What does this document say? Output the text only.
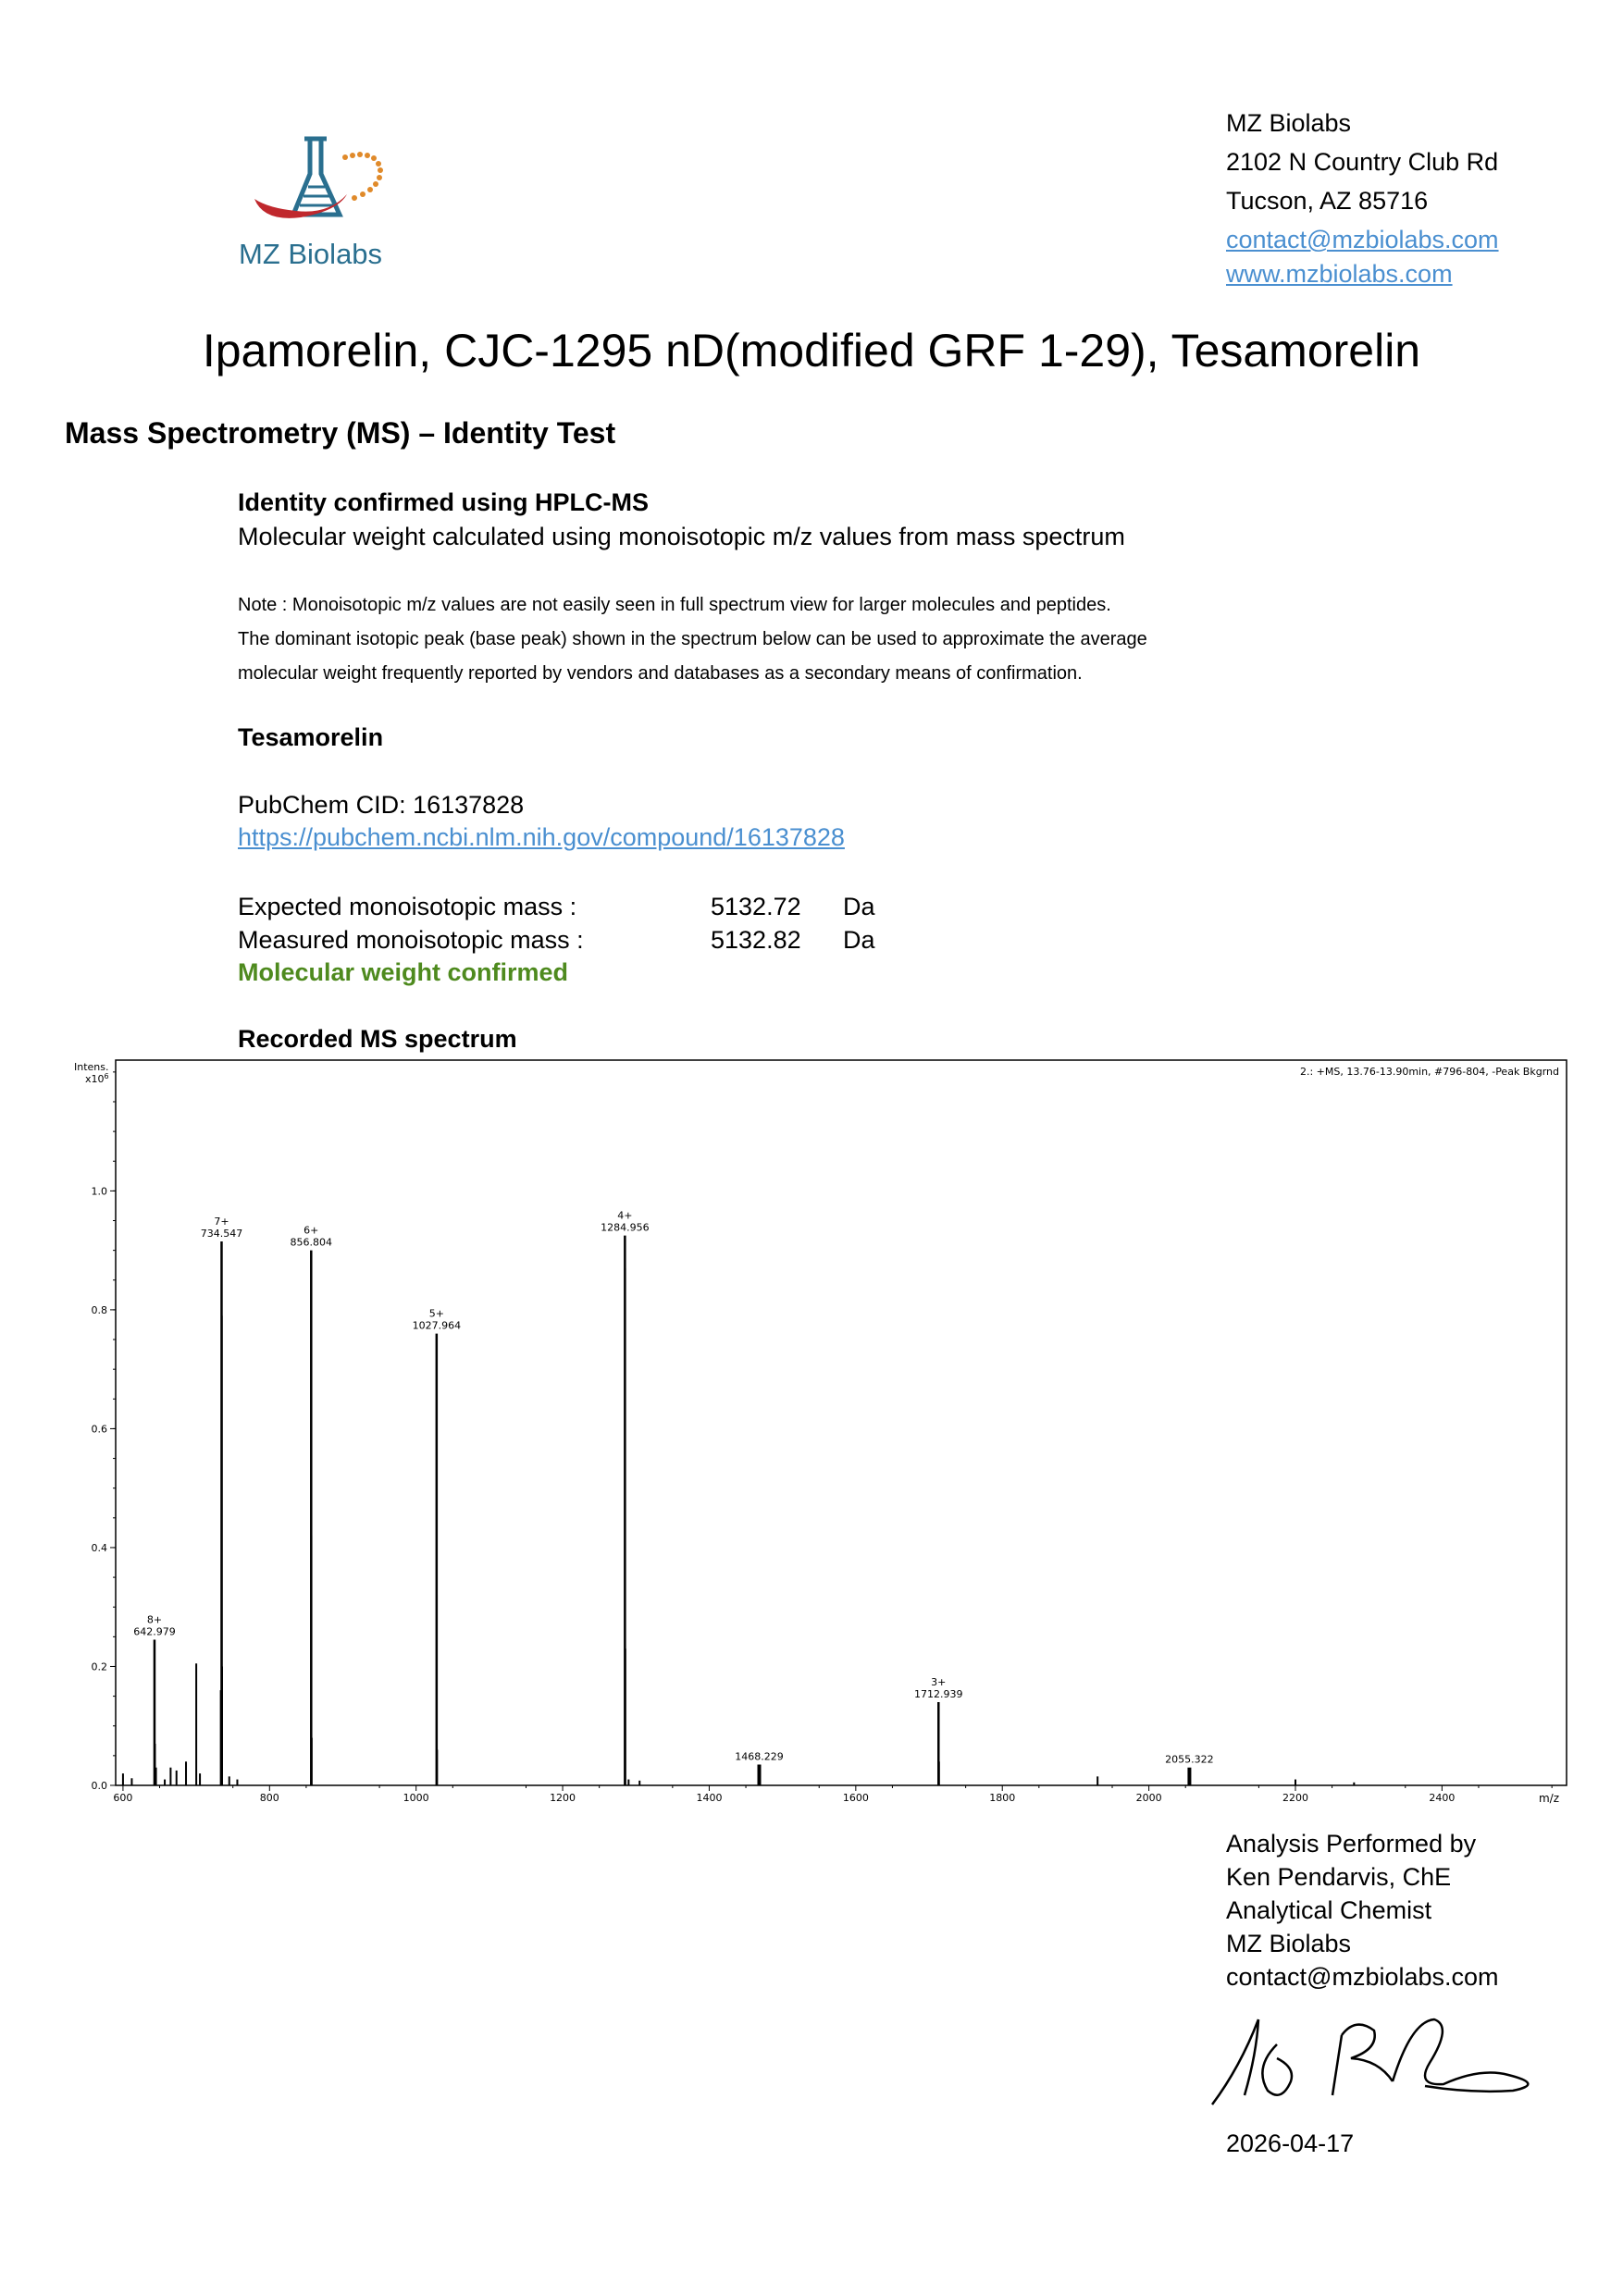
MZ Biolabs
MZ Biolabs
2102 N Country Club Rd
Tucson, AZ 85716
contact@mzbiolabs.com
www.mzbiolabs.com
Ipamorelin, CJC-1295 nD(modified GRF 1-29), Tesamorelin
Mass Spectrometry (MS) – Identity Test
Identity confirmed using HPLC-MS
Molecular weight calculated using monoisotopic m/z values from mass spectrum
Note : Monoisotopic m/z values are not easily seen in full spectrum view for larger molecules and peptides.
The dominant isotopic peak (base peak) shown in the spectrum below can be used to approximate the average
molecular weight frequently reported by vendors and databases as a secondary means of confirmation.
Tesamorelin
PubChem CID: 16137828
https://pubchem.ncbi.nlm.nih.gov/compound/16137828
Expected monoisotopic mass :	5132.72 Da
Measured monoisotopic mass :	5132.82 Da
Molecular weight confirmed
Recorded MS spectrum
Intens.
$x10^6$	2.: +MS, 13.76-13.90min, #796-804, -Peak Bkgrnd
m/z
600	800	1000	1200	1400	1600	1800	2000	2200	2400
0.0
0.2
0.4
0.6
0.8
1.0
642.979
8+
734.547
7+
856.804
6+
1027.964
5+
1284.956
4+
1468.229
1712.939
3+
2055.322
Analysis Performed by
Ken Pendarvis, ChE
Analytical Chemist
MZ Biolabs
contact@mzbiolabs.com
2026-04-17
